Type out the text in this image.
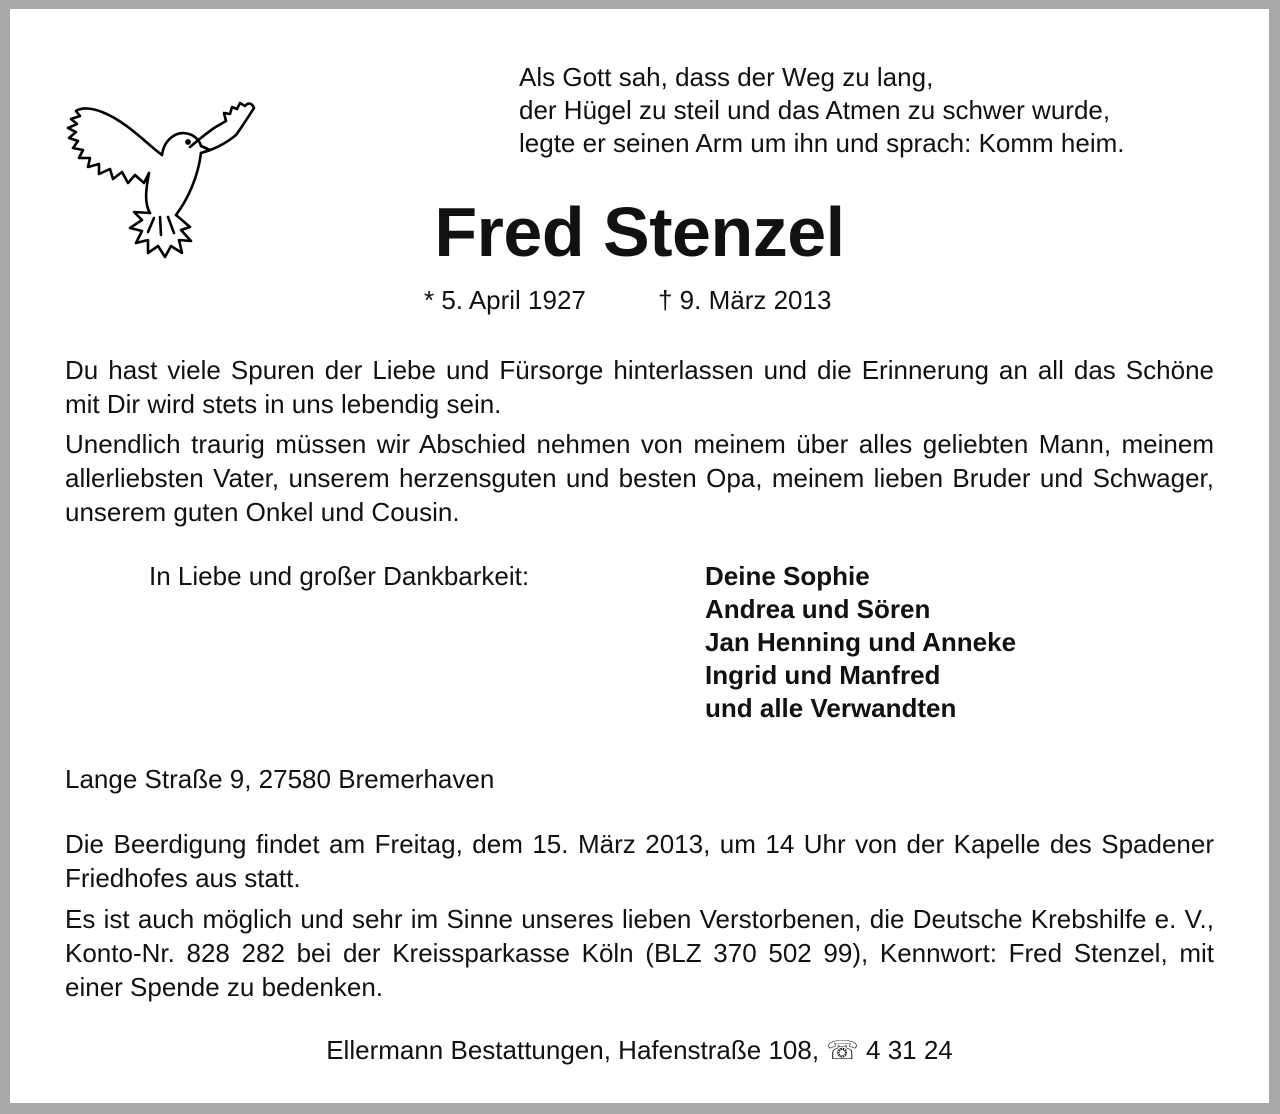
Als Gott sah, dass der Weg zu lang,
der Hügel zu steil und das Atmen zu schwer wurde,
legte er seinen Arm um ihn und sprach: Komm heim.
Fred Stenzel
* 5. April 1927	† 9. März 2013
Du hast viele Spuren der Liebe und Fürsorge hinterlassen und die Erinnerung an all das Schöne mit Dir wird stets in uns lebendig sein.
Unendlich traurig müssen wir Abschied nehmen von meinem über alles geliebten Mann, meinem allerliebsten Vater, unserem herzensguten und besten Opa, meinem lieben Bruder und Schwager, unserem guten Onkel und Cousin.
In Liebe und großer Dankbarkeit:	Deine Sophie
Andrea und Sören
Jan Henning und Anneke
Ingrid und Manfred
und alle Verwandten
Lange Straße 9, 27580 Bremerhaven
Die Beerdigung findet am Freitag, dem 15. März 2013, um 14 Uhr von der Kapelle des Spadener Friedhofes aus statt.
Es ist auch möglich und sehr im Sinne unseres lieben Verstorbenen, die Deutsche Krebshilfe e. V., Konto-Nr. 828 282 bei der Kreissparkasse Köln (BLZ 370 502 99), Kennwort: Fred Stenzel, mit einer Spende zu bedenken.
Ellermann Bestattungen, Hafenstraße 108, ☏ 4 31 24
